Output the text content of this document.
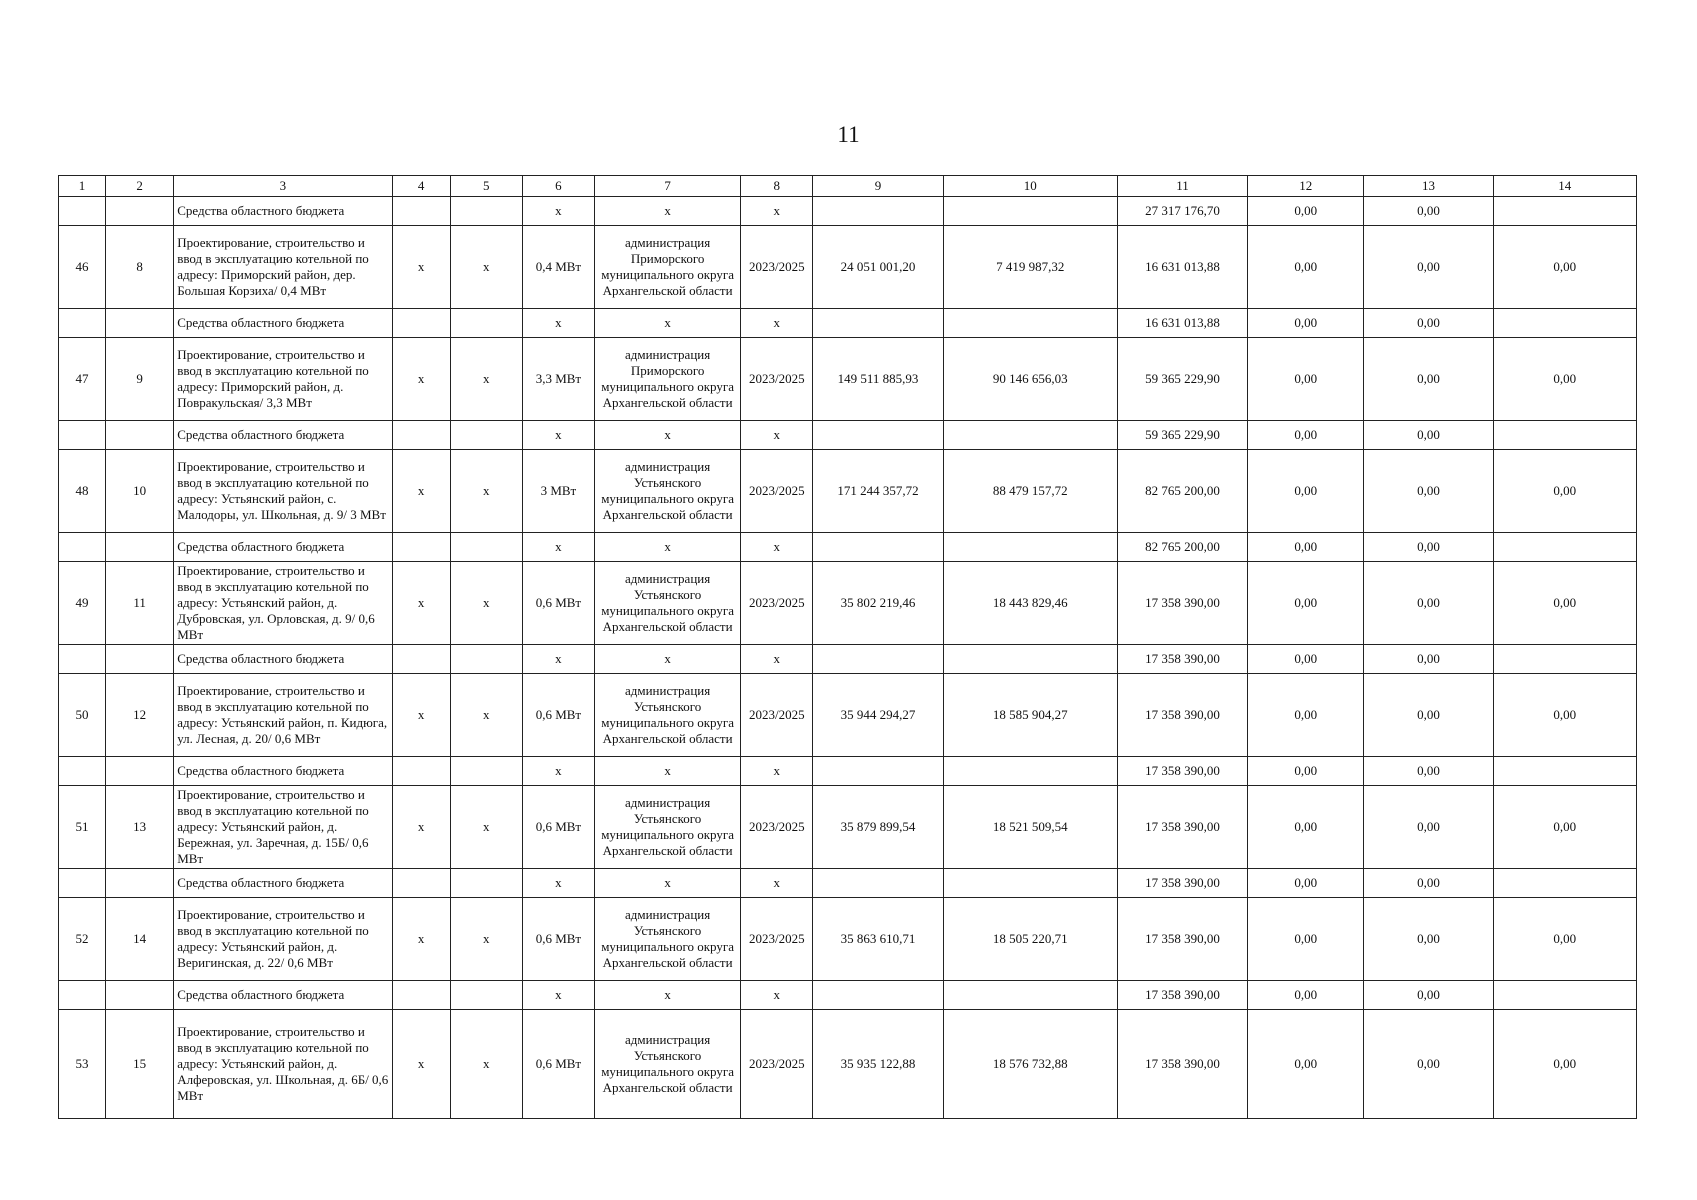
11
1	2	3	4	5	6	7	8	9	10	11	12	13	14
		Средства областного бюджета			х	х	х			27 317 176,70	0,00	0,00	
46	8	Проектирование, строительство и ввод в эксплуатацию котельной по адресу: Приморский район, дер. Большая Корзиха/ 0,4 МВт	х	х	0,4 МВт	администрация Приморского муниципального округа Архангельской области	2023/2025	24 051 001,20	7 419 987,32	16 631 013,88	0,00	0,00	0,00
		Средства областного бюджета			х	х	х			16 631 013,88	0,00	0,00	
47	9	Проектирование, строительство и ввод в эксплуатацию котельной по адресу: Приморский район, д. Повракульская/ 3,3 МВт	х	х	3,3 МВт	администрация Приморского муниципального округа Архангельской области	2023/2025	149 511 885,93	90 146 656,03	59 365 229,90	0,00	0,00	0,00
		Средства областного бюджета			х	х	х			59 365 229,90	0,00	0,00	
48	10	Проектирование, строительство и ввод в эксплуатацию котельной по адресу: Устьянский район, с. Малодоры, ул. Школьная, д. 9/ 3 МВт	х	х	3 МВт	администрация Устьянского муниципального округа Архангельской области	2023/2025	171 244 357,72	88 479 157,72	82 765 200,00	0,00	0,00	0,00
		Средства областного бюджета			х	х	х			82 765 200,00	0,00	0,00	
49	11	Проектирование, строительство и ввод в эксплуатацию котельной по адресу: Устьянский район, д. Дубровская, ул. Орловская, д. 9/ 0,6 МВт	х	х	0,6 МВт	администрация Устьянского муниципального округа Архангельской области	2023/2025	35 802 219,46	18 443 829,46	17 358 390,00	0,00	0,00	0,00
		Средства областного бюджета			х	х	х			17 358 390,00	0,00	0,00	
50	12	Проектирование, строительство и ввод в эксплуатацию котельной по адресу: Устьянский район, п. Кидюга, ул. Лесная, д. 20/ 0,6 МВт	х	х	0,6 МВт	администрация Устьянского муниципального округа Архангельской области	2023/2025	35 944 294,27	18 585 904,27	17 358 390,00	0,00	0,00	0,00
		Средства областного бюджета			х	х	х			17 358 390,00	0,00	0,00	
51	13	Проектирование, строительство и ввод в эксплуатацию котельной по адресу: Устьянский район, д. Бережная, ул. Заречная, д. 15Б/ 0,6 МВт	х	х	0,6 МВт	администрация Устьянского муниципального округа Архангельской области	2023/2025	35 879 899,54	18 521 509,54	17 358 390,00	0,00	0,00	0,00
		Средства областного бюджета			х	х	х			17 358 390,00	0,00	0,00	
52	14	Проектирование, строительство и ввод в эксплуатацию котельной по адресу: Устьянский район, д. Веригинская, д. 22/ 0,6 МВт	х	х	0,6 МВт	администрация Устьянского муниципального округа Архангельской области	2023/2025	35 863 610,71	18 505 220,71	17 358 390,00	0,00	0,00	0,00
		Средства областного бюджета			х	х	х			17 358 390,00	0,00	0,00	
53	15	Проектирование, строительство и ввод в эксплуатацию котельной по адресу: Устьянский район, д. Алферовская, ул. Школьная, д. 6Б/ 0,6 МВт	х	х	0,6 МВт	администрация Устьянского муниципального округа Архангельской области	2023/2025	35 935 122,88	18 576 732,88	17 358 390,00	0,00	0,00	0,00
